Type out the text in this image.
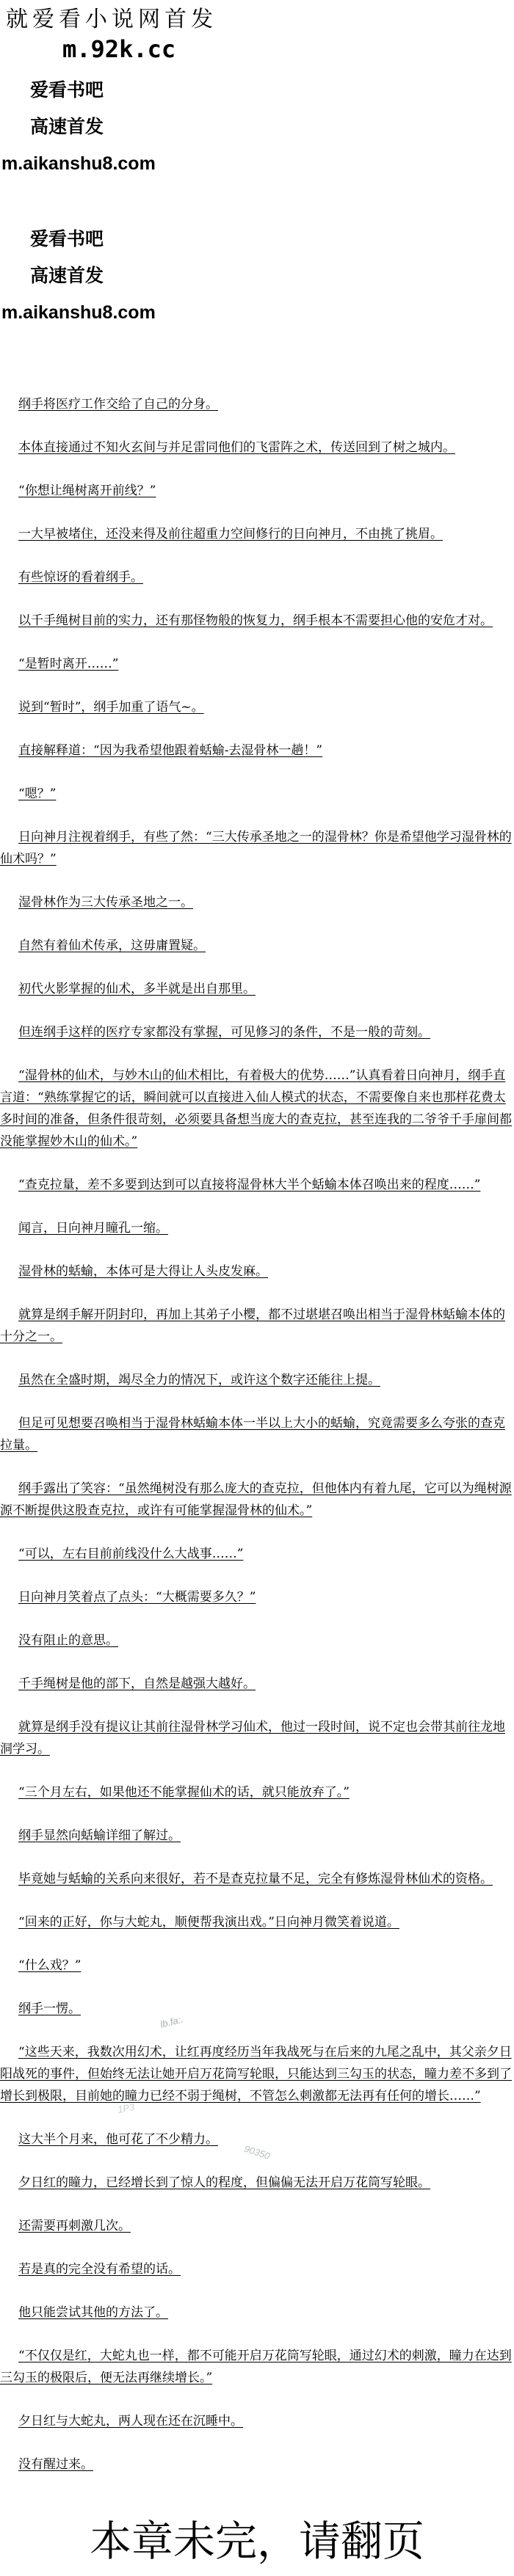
就爱看小说网首发
m.92k.cc

爱看书吧

高速首发

m.aikanshu8.com

爱看书吧

高速首发

m.aikanshu8.com

纲手将医疗工作交给了自己的分身。

本体直接通过不知火玄间与并足雷同他们的飞雷阵之术，传送回到了树之城内。

“你想让绳树离开前线？”

一大早被堵住，还没来得及前往超重力空间修行的日向神月，不由挑了挑眉。

有些惊讶的看着纲手。

以千手绳树目前的实力，还有那怪物般的恢复力，纲手根本不需要担心他的安危才对。

“是暂时离开……”

说到“暂时”，纲手加重了语气~。

直接解释道：“因为我希望他跟着蛞蝓-去湿骨林一趟！”

“嗯？”

日向神月注视着纲手，有些了然：“三大传承圣地之一的湿骨林？你是希望他学习湿骨林的仙术吗？”

湿骨林作为三大传承圣地之一。

自然有着仙术传承，这毋庸置疑。

初代火影掌握的仙术，多半就是出自那里。

但连纲手这样的医疗专家都没有掌握，可见修习的条件，不是一般的苛刻。

“湿骨林的仙术，与妙木山的仙术相比，有着极大的优势……”认真看着日向神月，纲手直言道：“熟练掌握它的话，瞬间就可以直接进入仙人模式的状态，不需要像自来也那样花费太多时间的准备，但条件很苛刻，必须要具备想当庞大的查克拉，甚至连我的二爷爷千手扉间都没能掌握妙木山的仙术。”

“查克拉量，差不多要到达到可以直接将湿骨林大半个蛞蝓本体召唤出来的程度……”

闻言，日向神月瞳孔一缩。

湿骨林的蛞蝓，本体可是大得让人头皮发麻。

就算是纲手解开阴封印，再加上其弟子小樱，都不过堪堪召唤出相当于湿骨林蛞蝓本体的十分之一。

虽然在全盛时期，竭尽全力的情况下，或许这个数字还能往上提。

但足可见想要召唤相当于湿骨林蛞蝓本体一半以上大小的蛞蝓，究竟需要多么夸张的查克拉量。

纲手露出了笑容：“虽然绳树没有那么庞大的查克拉，但他体内有着九尾，它可以为绳树源源不断提供这股查克拉，或许有可能掌握湿骨林的仙术。”

“可以，左右目前前线没什么大战事……”

日向神月笑着点了点头：“大概需要多久？”

没有阻止的意思。

千手绳树是他的部下，自然是越强大越好。

就算是纲手没有提议让其前往湿骨林学习仙术，他过一段时间，说不定也会带其前往龙地洞学习。

“三个月左右，如果他还不能掌握仙术的话，就只能放弃了。”

纲手显然向蛞蝓详细了解过。

毕竟她与蛞蝓的关系向来很好，若不是查克拉量不足，完全有修炼湿骨林仙术的资格。

“回来的正好，你与大蛇丸，顺便帮我演出戏。”日向神月微笑着说道。

“什么戏？”

纲手一愣。

“这些天来，我数次用幻术，让红再度经历当年我战死与在后来的九尾之乱中，其父亲夕日阳战死的事件，但始终无法让她开启万花筒写轮眼，只能达到三勾玉的状态，瞳力差不多到了增长到极限，目前她的瞳力已经不弱于绳树，不管怎么刺激都无法再有任何的增长……”

这大半个月来，他可花了不少精力。

夕日红的瞳力，已经增长到了惊人的程度，但偏偏无法开启万花筒写轮眼。

还需要再刺激几次。

若是真的完全没有希望的话。

他只能尝试其他的方法了。

“不仅仅是红，大蛇丸也一样，都不可能开启万花筒写轮眼，通过幻术的刺激，瞳力在达到三勾玉的极限后，便无法再继续增长。”

夕日红与大蛇丸，两人现在还在沉睡中。

没有醒过来。

lb.fa:.
90350
1P3
本章未完，请翻页
